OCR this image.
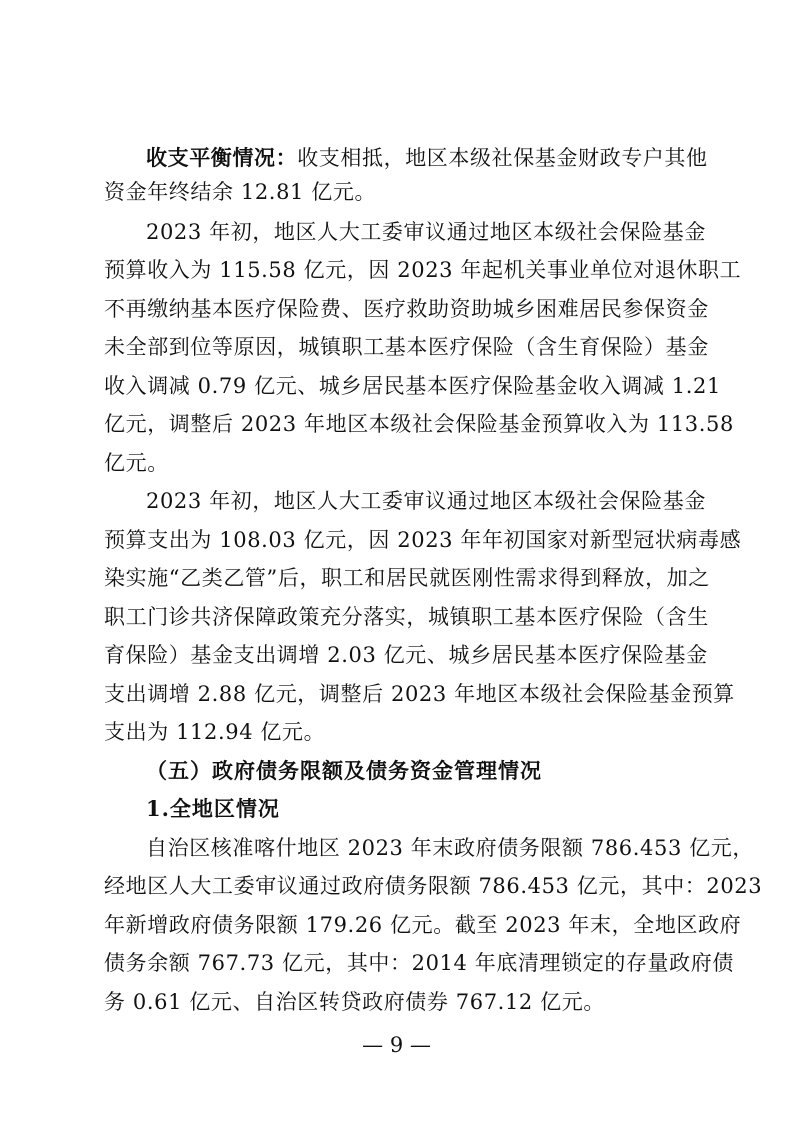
收支平衡情况：收支相抵，地区本级社保基金财政专户其他
资金年终结余 12.81 亿元。
2023 年初，地区人大工委审议通过地区本级社会保险基金
预算收入为 115.58 亿元，因 2023 年起机关事业单位对退休职工
不再缴纳基本医疗保险费、医疗救助资助城乡困难居民参保资金
未全部到位等原因，城镇职工基本医疗保险（含生育保险）基金
收入调减 0.79 亿元、城乡居民基本医疗保险基金收入调减 1.21
亿元，调整后 2023 年地区本级社会保险基金预算收入为 113.58
亿元。
2023 年初，地区人大工委审议通过地区本级社会保险基金
预算支出为 108.03 亿元，因 2023 年年初国家对新型冠状病毒感
染实施“乙类乙管”后，职工和居民就医刚性需求得到释放，加之
职工门诊共济保障政策充分落实，城镇职工基本医疗保险（含生
育保险）基金支出调增 2.03 亿元、城乡居民基本医疗保险基金
支出调增 2.88 亿元，调整后 2023 年地区本级社会保险基金预算
支出为 112.94 亿元。
（五）政府债务限额及债务资金管理情况
1.全地区情况
自治区核准喀什地区 2023 年末政府债务限额 786.453 亿元，
经地区人大工委审议通过政府债务限额 786.453 亿元，其中：2023
年新增政府债务限额 179.26 亿元。截至 2023 年末，全地区政府
债务余额 767.73 亿元，其中：2014 年底清理锁定的存量政府债
务 0.61 亿元、自治区转贷政府债券 767.12 亿元。
— 9 —
